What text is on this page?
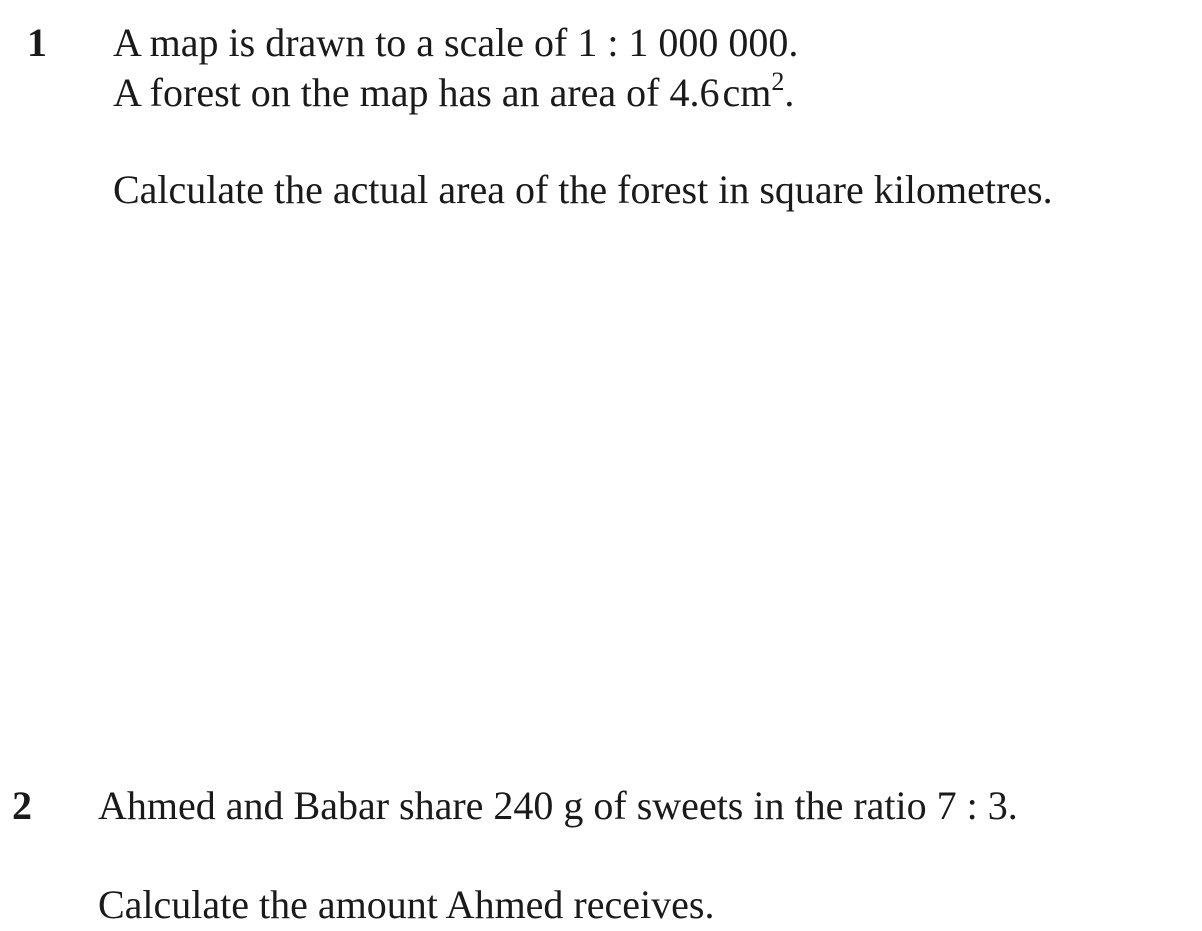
1 A map is drawn to a scale of 1 : 1 000 000.
A forest on the map has an area of $4.6cm^2$.
Calculate the actual area of the forest in square kilometres.
2 Ahmed and Babar share 240 g of sweets in the ratio 7 : 3.
Calculate the amount Ahmed receives.
